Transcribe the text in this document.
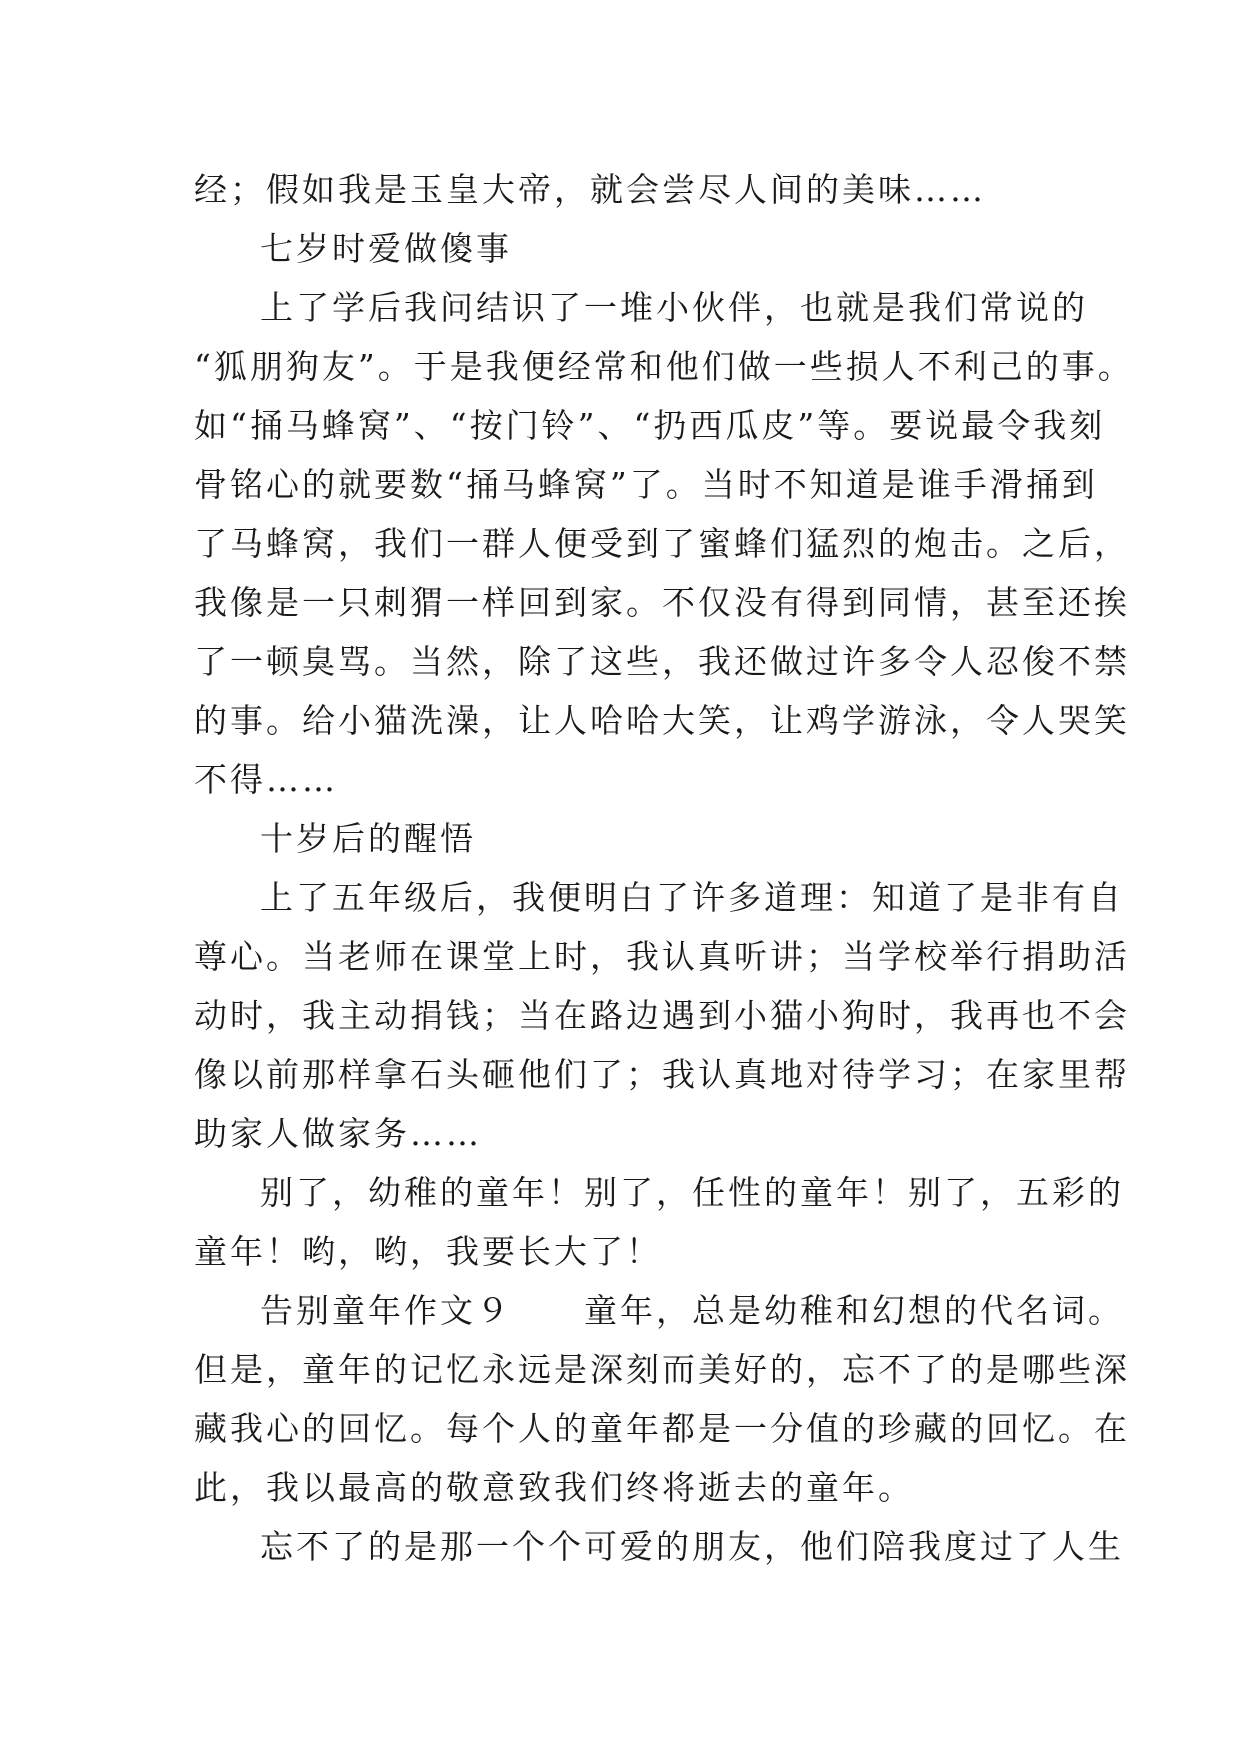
经；假如我是玉皇大帝，就会尝尽人间的美味……
七岁时爱做傻事
上了学后我问结识了一堆小伙伴，也就是我们常说的
“狐朋狗友”。于是我便经常和他们做一些损人不利己的事。
如“捅马蜂窝”、“按门铃”、“扔西瓜皮”等。要说最令我刻
骨铭心的就要数“捅马蜂窝”了。当时不知道是谁手滑捅到
了马蜂窝，我们一群人便受到了蜜蜂们猛烈的炮击。之后，
我像是一只刺猬一样回到家。不仅没有得到同情，甚至还挨
了一顿臭骂。当然，除了这些，我还做过许多令人忍俊不禁
的事。给小猫洗澡，让人哈哈大笑，让鸡学游泳，令人哭笑
不得……
十岁后的醒悟
上了五年级后，我便明白了许多道理：知道了是非有自
尊心。当老师在课堂上时，我认真听讲；当学校举行捐助活
动时，我主动捐钱；当在路边遇到小猫小狗时，我再也不会
像以前那样拿石头砸他们了；我认真地对待学习；在家里帮
助家人做家务……
别了，幼稚的童年！别了，任性的童年！别了，五彩的
童年！哟，哟，我要长大了！
告别童年作文９　　童年，总是幼稚和幻想的代名词。
但是，童年的记忆永远是深刻而美好的，忘不了的是哪些深
藏我心的回忆。每个人的童年都是一分值的珍藏的回忆。在
此，我以最高的敬意致我们终将逝去的童年。
忘不了的是那一个个可爱的朋友，他们陪我度过了人生
